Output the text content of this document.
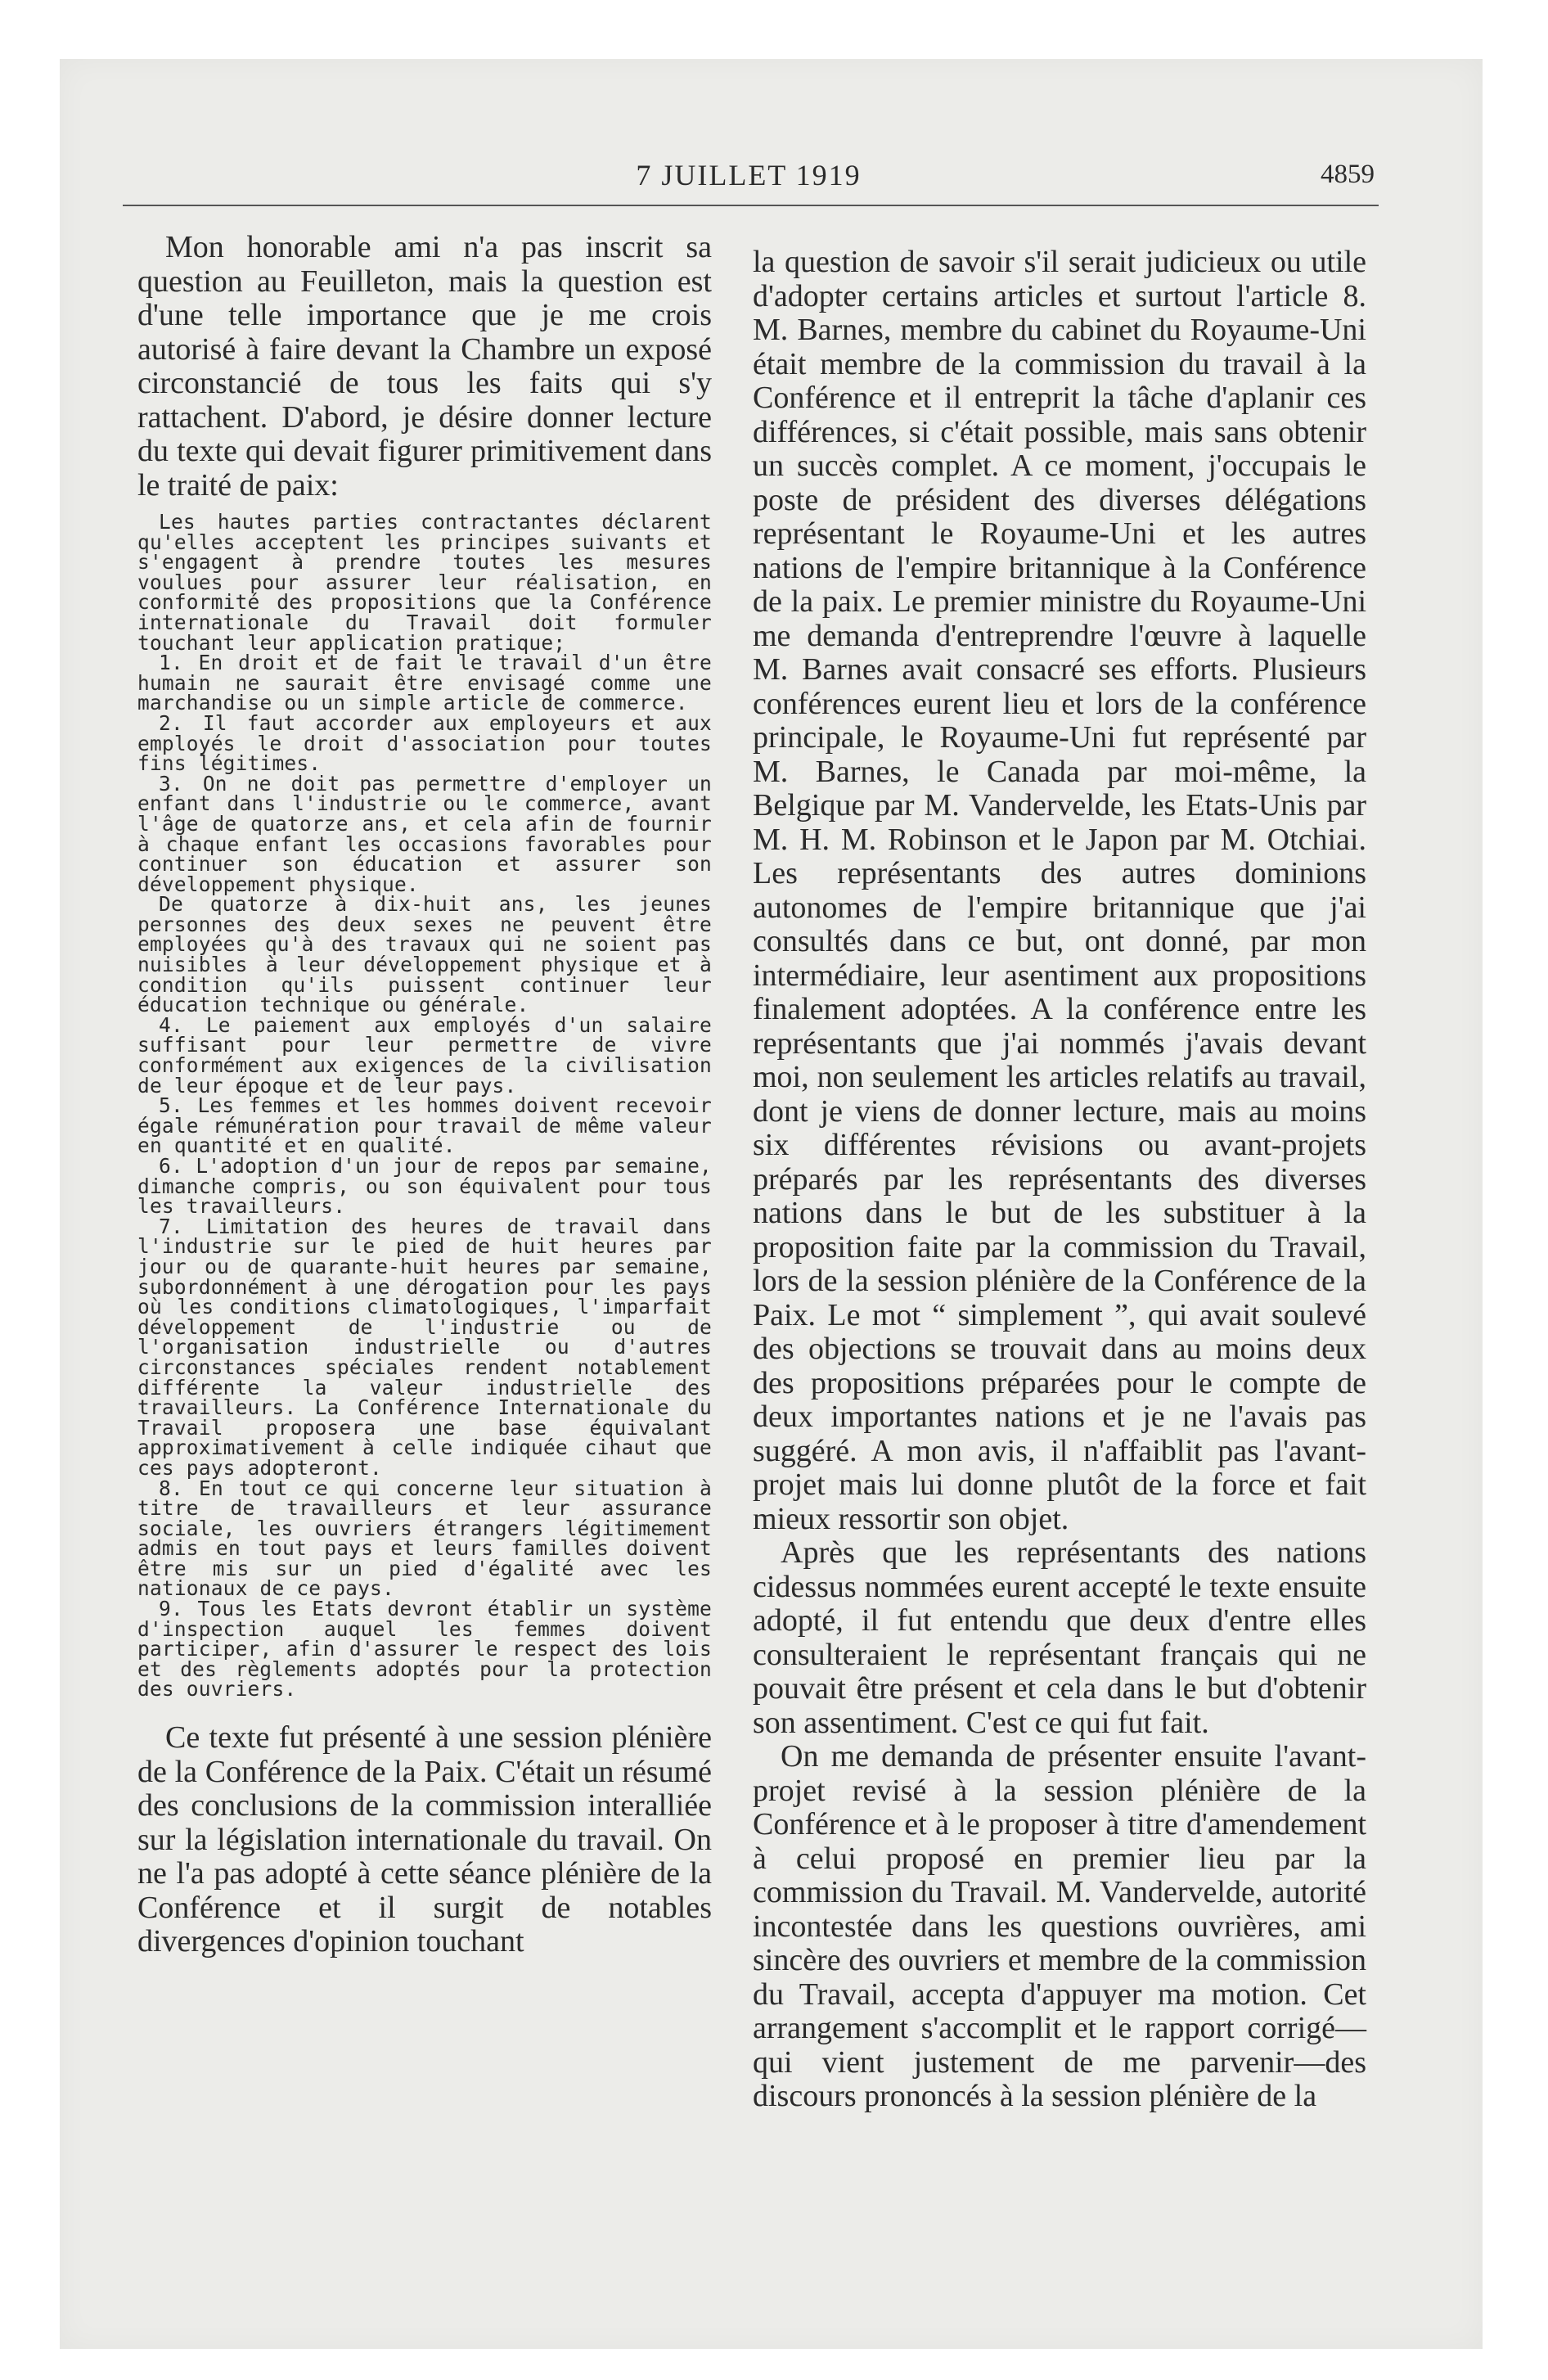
7 JUILLET 1919	4859

Mon honorable ami n'a pas inscrit sa question au Feuilleton, mais la question est d'une telle importance que je me crois autorisé à faire devant la Chambre un exposé circonstancié de tous les faits qui s'y rattachent. D'abord, je désire donner lecture du texte qui devait figurer primitivement dans le traité de paix:

Les hautes parties contractantes déclarent qu'elles acceptent les principes suivants et s'engagent à prendre toutes les mesures voulues pour assurer leur réalisation, en conformité des propositions que la Conférence internationale du Travail doit formuler touchant leur application pratique;

1. En droit et de fait le travail d'un être humain ne saurait être envisagé comme une marchandise ou un simple article de commerce.

2. Il faut accorder aux employeurs et aux employés le droit d'association pour toutes fins légitimes.

3. On ne doit pas permettre d'employer un enfant dans l'industrie ou le commerce, avant l'âge de quatorze ans, et cela afin de fournir à chaque enfant les occasions favorables pour continuer son éducation et assurer son développement physique.

De quatorze à dix-huit ans, les jeunes personnes des deux sexes ne peuvent être employées qu'à des travaux qui ne soient pas nuisibles à leur développement physique et à condition qu'ils puissent continuer leur éducation technique ou générale.

4. Le paiement aux employés d'un salaire suffisant pour leur permettre de vivre conformément aux exigences de la civilisation de leur époque et de leur pays.

5. Les femmes et les hommes doivent recevoir égale rémunération pour travail de même valeur en quantité et en qualité.

6. L'adoption d'un jour de repos par semaine, dimanche compris, ou son équivalent pour tous les travailleurs.

7. Limitation des heures de travail dans l'industrie sur le pied de huit heures par jour ou de quarante-huit heures par semaine, subordonnément à une dérogation pour les pays où les conditions climatologiques, l'imparfait développement de l'industrie ou de l'organisation industrielle ou d'autres circonstances spéciales rendent notablement différente la valeur industrielle des travailleurs. La Conférence Internationale du Travail proposera une base équivalant approximativement à celle indiquée cihaut que ces pays adopteront.

8. En tout ce qui concerne leur situation à titre de travailleurs et leur assurance sociale, les ouvriers étrangers légitimement admis en tout pays et leurs familles doivent être mis sur un pied d'égalité avec les nationaux de ce pays.

9. Tous les Etats devront établir un système d'inspection auquel les femmes doivent participer, afin d'assurer le respect des lois et des règlements adoptés pour la protection des ouvriers.

Ce texte fut présenté à une session plénière de la Conférence de la Paix. C'était un résumé des conclusions de la commission interalliée sur la législation internationale du travail. On ne l'a pas adopté à cette séance plénière de la Conférence et il surgit de notables divergences d'opinion touchant

la question de savoir s'il serait judicieux ou utile d'adopter certains articles et surtout l'article 8. M. Barnes, membre du cabinet du Royaume-Uni était membre de la commission du travail à la Conférence et il entreprit la tâche d'aplanir ces différences, si c'était possible, mais sans obtenir un succès complet. A ce moment, j'occupais le poste de président des diverses délégations représentant le Royaume-Uni et les autres nations de l'empire britannique à la Conférence de la paix. Le premier ministre du Royaume-Uni me demanda d'entreprendre l'œuvre à laquelle M. Barnes avait consacré ses efforts. Plusieurs conférences eurent lieu et lors de la conférence principale, le Royaume-Uni fut représenté par M. Barnes, le Canada par moi-même, la Belgique par M. Vandervelde, les Etats-Unis par M. H. M. Robinson et le Japon par M. Otchiai. Les représentants des autres dominions autonomes de l'empire britannique que j'ai consultés dans ce but, ont donné, par mon intermédiaire, leur asentiment aux propositions finalement adoptées. A la conférence entre les représentants que j'ai nommés j'avais devant moi, non seulement les articles relatifs au travail, dont je viens de donner lecture, mais au moins six différentes révisions ou avant-projets préparés par les représentants des diverses nations dans le but de les substituer à la proposition faite par la commission du Travail, lors de la session plénière de la Conférence de la Paix. Le mot “ simplement ”, qui avait soulevé des objections se trouvait dans au moins deux des propositions préparées pour le compte de deux importantes nations et je ne l'avais pas suggéré. A mon avis, il n'affaiblit pas l'avant-projet mais lui donne plutôt de la force et fait mieux ressortir son objet.

Après que les représentants des nations cidessus nommées eurent accepté le texte ensuite adopté, il fut entendu que deux d'entre elles consulteraient le représentant français qui ne pouvait être présent et cela dans le but d'obtenir son assentiment. C'est ce qui fut fait.

On me demanda de présenter ensuite l'avant-projet revisé à la session plénière de la Conférence et à le proposer à titre d'amendement à celui proposé en premier lieu par la commission du Travail. M. Vandervelde, autorité incontestée dans les questions ouvrières, ami sincère des ouvriers et membre de la commission du Travail, accepta d'appuyer ma motion. Cet arrangement s'accomplit et le rapport corrigé—qui vient justement de me parvenir—des discours prononcés à la session plénière de la
